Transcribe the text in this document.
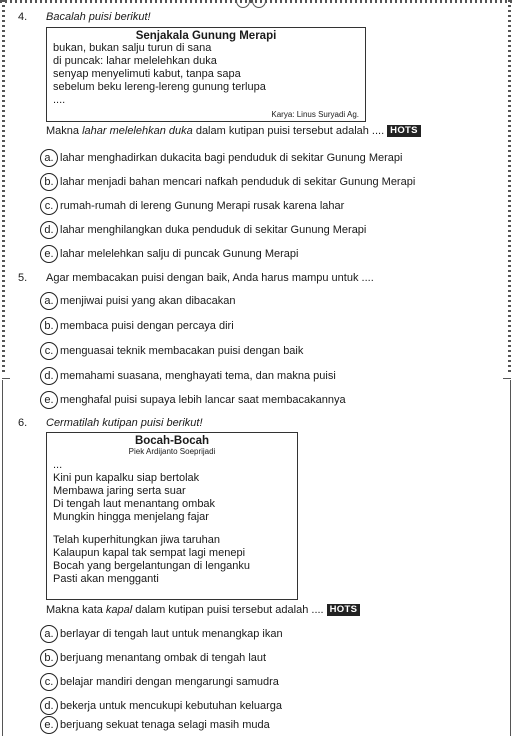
4. Bacalah puisi berikut!
Senjakala Gunung Merapi
bukan, bukan salju turun di sana
di puncak: lahar melelehkan duka
senyap menyelimuti kabut, tanpa sapa
sebelum beku lereng-lereng gunung terlupa
....
Karya: Linus Suryadi Ag.
Makna lahar melelehkan duka dalam kutipan puisi tersebut adalah .... HOTS
a. lahar menghadirkan dukacita bagi penduduk di sekitar Gunung Merapi
b. lahar menjadi bahan mencari nafkah penduduk di sekitar Gunung Merapi
c. rumah-rumah di lereng Gunung Merapi rusak karena lahar
d. lahar menghilangkan duka penduduk di sekitar Gunung Merapi
e. lahar melelehkan salju di puncak Gunung Merapi
5. Agar membacakan puisi dengan baik, Anda harus mampu untuk ....
a. menjiwai puisi yang akan dibacakan
b. membaca puisi dengan percaya diri
c. menguasai teknik membacakan puisi dengan baik
d. memahami suasana, menghayati tema, dan makna puisi
e. menghafal puisi supaya lebih lancar saat membacakannya
6. Cermatilah kutipan puisi berikut!
Bocah-Bocah
Piek Ardijanto Soeprijadi
...
Kini pun kapalku siap bertolak
Membawa jaring serta suar
Di tengah laut menantang ombak
Mungkin hingga menjelang fajar
Telah kuperhitungkan jiwa taruhan
Kalaupun kapal tak sempat lagi menepi
Bocah yang bergelantungan di lenganku
Pasti akan mengganti
Makna kata kapal dalam kutipan puisi tersebut adalah .... HOTS
a. berlayar di tengah laut untuk menangkap ikan
b. berjuang menantang ombak di tengah laut
c. belajar mandiri dengan mengarungi samudra
d. bekerja untuk mencukupi kebutuhan keluarga
e. berjuang sekuat tenaga selagi masih muda
